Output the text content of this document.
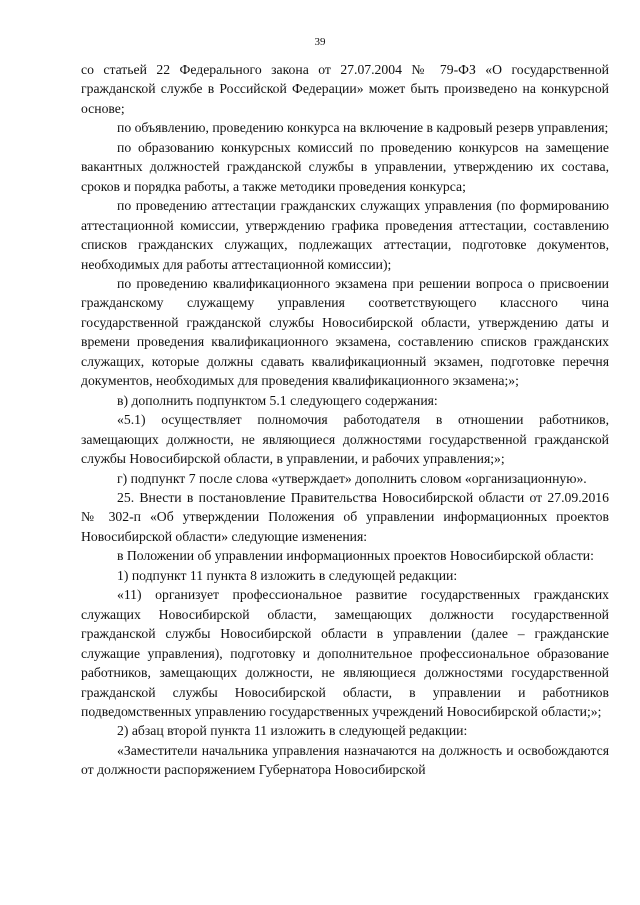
39

со статьей 22 Федерального закона от 27.07.2004 № 79-ФЗ «О государственной гражданской службе в Российской Федерации» может быть произведено на конкурсной основе;

по объявлению, проведению конкурса на включение в кадровый резерв управления;

по образованию конкурсных комиссий по проведению конкурсов на замещение вакантных должностей гражданской службы в управлении, утверждению их состава, сроков и порядка работы, а также методики проведения конкурса;

по проведению аттестации гражданских служащих управления (по формированию аттестационной комиссии, утверждению графика проведения аттестации, составлению списков гражданских служащих, подлежащих аттестации, подготовке документов, необходимых для работы аттестационной комиссии);

по проведению квалификационного экзамена при решении вопроса о присвоении гражданскому служащему управления соответствующего классного чина государственной гражданской службы Новосибирской области, утверждению даты и времени проведения квалификационного экзамена, составлению списков гражданских служащих, которые должны сдавать квалификационный экзамен, подготовке перечня документов, необходимых для проведения квалификационного экзамена;»;

в) дополнить подпунктом 5.1 следующего содержания:

«5.1) осуществляет полномочия работодателя в отношении работников, замещающих должности, не являющиеся должностями государственной гражданской службы Новосибирской области, в управлении, и рабочих управления;»;

г) подпункт 7 после слова «утверждает» дополнить словом «организационную».

25. Внести в постановление Правительства Новосибирской области от 27.09.2016 № 302-п «Об утверждении Положения об управлении информационных проектов Новосибирской области» следующие изменения:

в Положении об управлении информационных проектов Новосибирской области:

1) подпункт 11 пункта 8 изложить в следующей редакции:

«11) организует профессиональное развитие государственных гражданских служащих Новосибирской области, замещающих должности государственной гражданской службы Новосибирской области в управлении (далее – гражданские служащие управления), подготовку и дополнительное профессиональное образование работников, замещающих должности, не являющиеся должностями государственной гражданской службы Новосибирской области, в управлении и работников подведомственных управлению государственных учреждений Новосибирской области;»;

2) абзац второй пункта 11 изложить в следующей редакции:

«Заместители начальника управления назначаются на должность и освобождаются от должности распоряжением Губернатора Новосибирской
